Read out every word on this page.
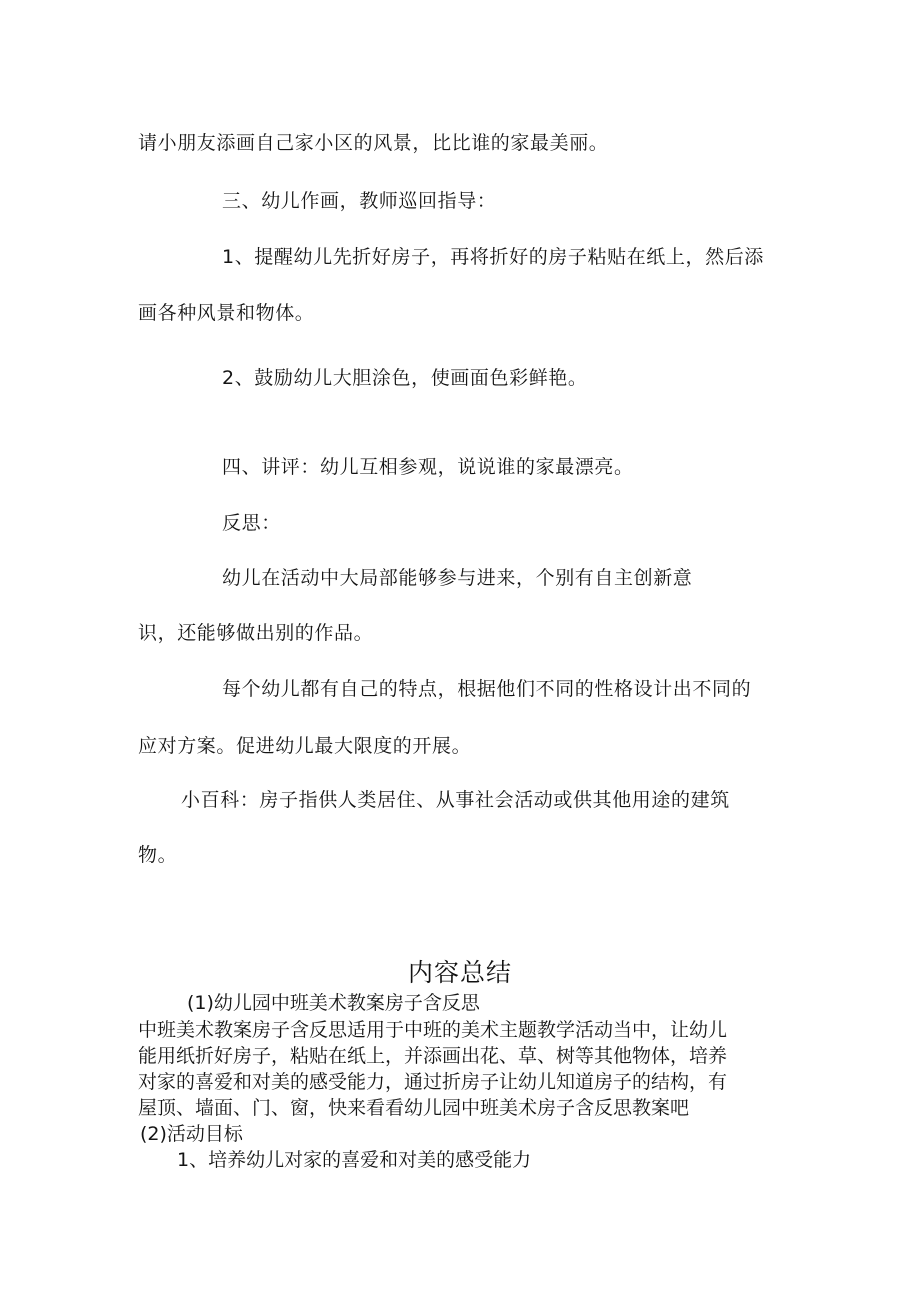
请小朋友添画自己家小区的风景，比比谁的家最美丽。
三、幼儿作画，教师巡回指导：
1、提醒幼儿先折好房子，再将折好的房子粘贴在纸上，然后添
画各种风景和物体。
2、鼓励幼儿大胆涂色，使画面色彩鲜艳。
四、讲评：幼儿互相参观，说说谁的家最漂亮。
反思：
幼儿在活动中大局部能够参与进来，个别有自主创新意
识，还能够做出别的作品。
每个幼儿都有自己的特点，根据他们不同的性格设计出不同的
应对方案。促进幼儿最大限度的开展。
小百科：房子指供人类居住、从事社会活动或供其他用途的建筑
物。
内容总结
(1)幼儿园中班美术教案房子含反思
中班美术教案房子含反思适用于中班的美术主题教学活动当中，让幼儿
能用纸折好房子，粘贴在纸上，并添画出花、草、树等其他物体，培养
对家的喜爱和对美的感受能力，通过折房子让幼儿知道房子的结构，有
屋顶、墙面、门、窗，快来看看幼儿园中班美术房子含反思教案吧
(2)活动目标
1、培养幼儿对家的喜爱和对美的感受能力
